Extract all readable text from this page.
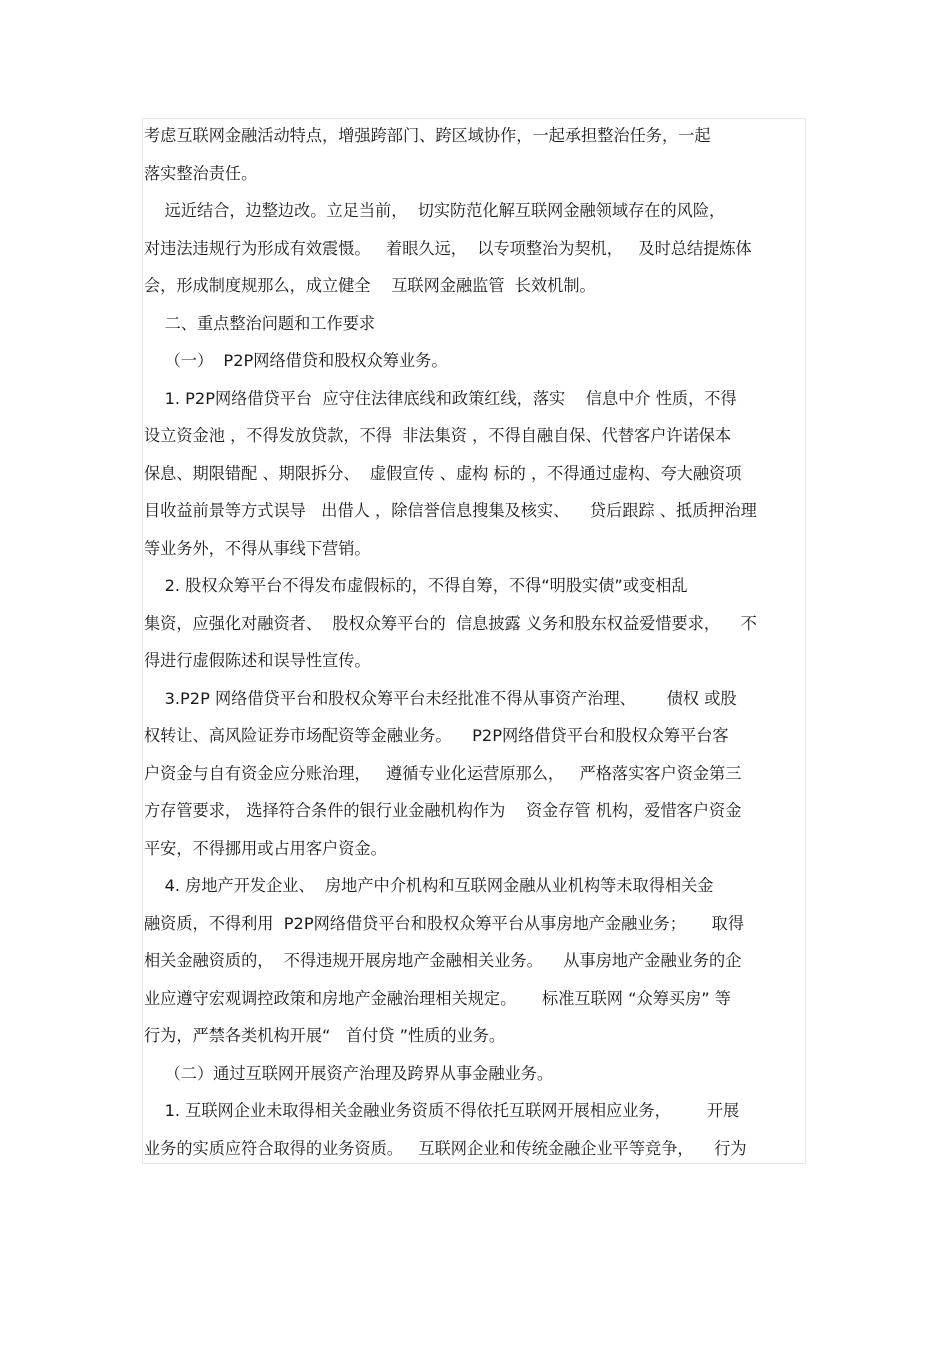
考虑互联网金融活动特点，增强跨部门、跨区域协作，一起承担整治任务，一起
落实整治责任。
远近结合，边整边改。立足当前，  切实防范化解互联网金融领域存在的风险，
对违法违规行为形成有效震慑。   着眼久远，  以专项整治为契机，   及时总结提炼体
会，形成制度规那么，成立健全    互联网金融监管  长效机制。
二、重点整治问题和工作要求
（一）  P2P网络借贷和股权众筹业务。
1. P2P网络借贷平台  应守住法律底线和政策红线，落实    信息中介 性质，不得
设立资金池 ，不得发放贷款，不得  非法集资 ，不得自融自保、代替客户许诺保本
保息、期限错配 、期限拆分、  虚假宣传 、虚构 标的 ，不得通过虚构、夸大融资项
目收益前景等方式误导   出借人 ，除信誉信息搜集及核实、    贷后跟踪 、抵质押治理
等业务外，不得从事线下营销。
2. 股权众筹平台不得发布虚假标的，不得自筹，不得“明股实债”或变相乱
集资，应强化对融资者、  股权众筹平台的  信息披露 义务和股东权益爱惜要求，    不
得进行虚假陈述和误导性宣传。
3.P2P 网络借贷平台和股权众筹平台未经批准不得从事资产治理、      债权 或股
权转让、高风险证券市场配资等金融业务。    P2P网络借贷平台和股权众筹平台客
户资金与自有资金应分账治理，   遵循专业化运营原那么，   严格落实客户资金第三
方存管要求， 选择符合条件的银行业金融机构作为    资金存管 机构，爱惜客户资金
平安，不得挪用或占用客户资金。
4. 房地产开发企业、  房地产中介机构和互联网金融从业机构等未取得相关金
融资质，不得利用  P2P网络借贷平台和股权众筹平台从事房地产金融业务；     取得
相关金融资质的，  不得违规开展房地产金融相关业务。    从事房地产金融业务的企
业应遵守宏观调控政策和房地产金融治理相关规定。     标准互联网 “众筹买房” 等
行为，严禁各类机构开展“   首付贷 ”性质的业务。
（二）通过互联网开展资产治理及跨界从事金融业务。
1. 互联网企业未取得相关金融业务资质不得依托互联网开展相应业务，       开展
业务的实质应符合取得的业务资质。   互联网企业和传统金融企业平等竞争，    行为
